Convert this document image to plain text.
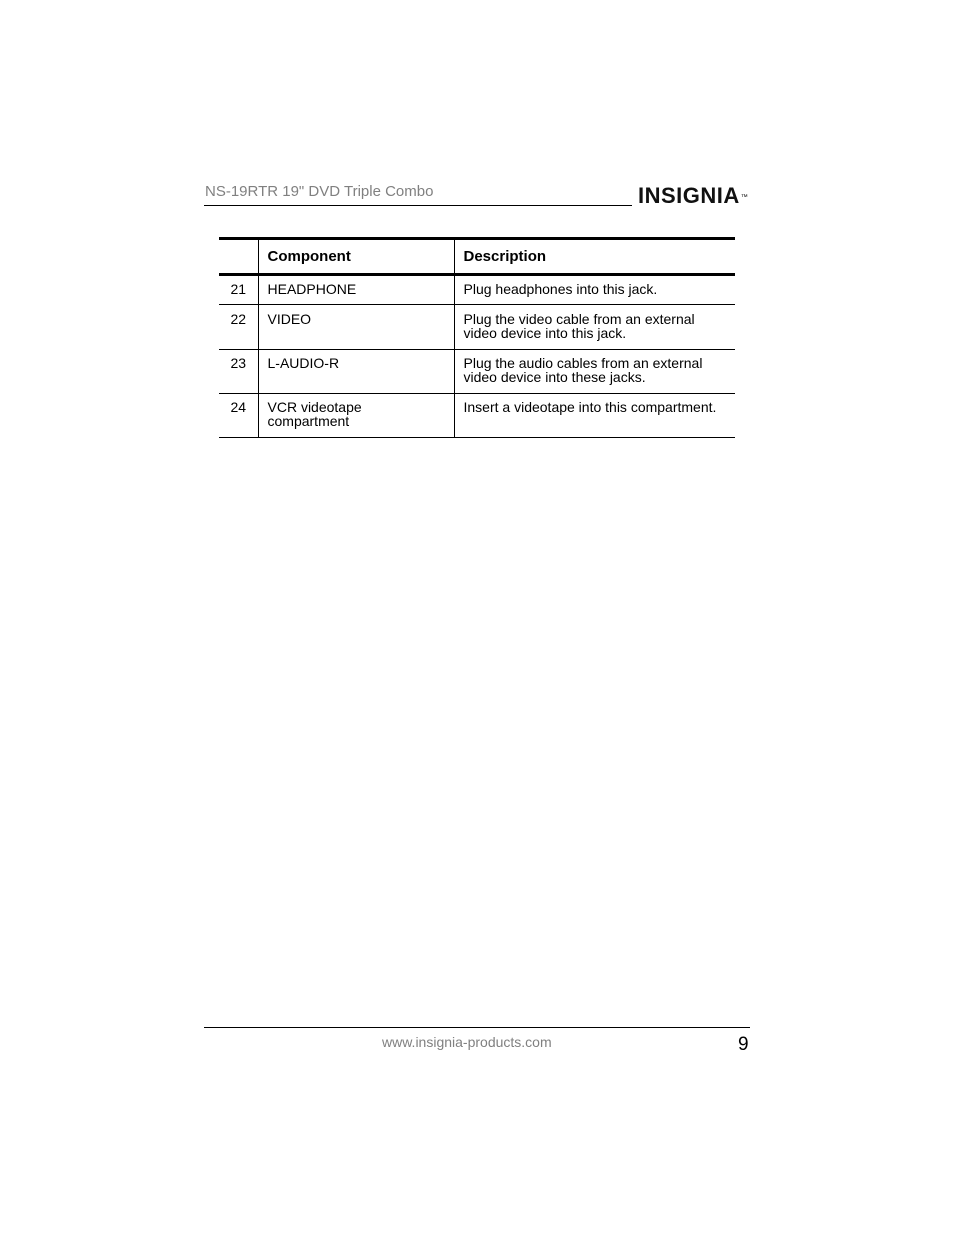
NS-19RTR 19" DVD Triple Combo	INSIGNIA™
	Component	Description
21	HEADPHONE	Plug headphones into this jack.
22	VIDEO	Plug the video cable from an external video device into this jack.
23	L-AUDIO-R	Plug the audio cables from an external video device into these jacks.
24	VCR videotape compartment	Insert a videotape into this compartment.
www.insignia-products.com	9
